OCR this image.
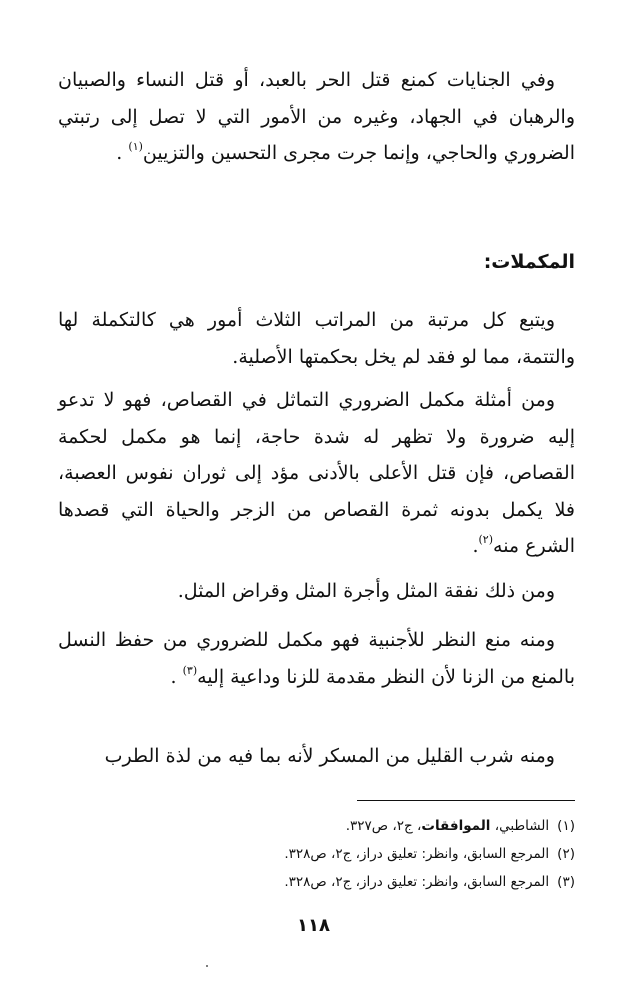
وفي الجنايات كمنع قتل الحر بالعبد، أو قتل النساء والصبيان والرهبان في الجهاد، وغيره من الأمور التي لا تصل إلى رتبتي الضروري والحاجي، وإنما جرت مجرى التحسين والتزيين$^{(١)}$ .

المكملات:

ويتبع كل مرتبة من المراتب الثلاث أمور هي كالتكملة لها والتتمة، مما لو فقد لم يخل بحكمتها الأصلية.

ومن أمثلة مكمل الضروري التماثل في القصاص، فهو لا تدعو إليه ضرورة ولا تظهر له شدة حاجة، إنما هو مكمل لحكمة القصاص، فإن قتل الأعلى بالأدنى مؤد إلى ثوران نفوس العصبة، فلا يكمل بدونه ثمرة القصاص من الزجر والحياة التي قصدها الشرع منه$^{(٢)}$.

ومن ذلك نفقة المثل وأجرة المثل وقراض المثل.

ومنه منع النظر للأجنبية فهو مكمل للضروري من حفظ النسل بالمنع من الزنا لأن النظر مقدمة للزنا وداعية إليه$^{(٣)}$ .

ومنه شرب القليل من المسكر لأنه بما فيه من لذة الطرب

(١)الشاطبي، الموافقات، ج٢، ص٣٢٧.
(٢)المرجع السابق، وانظر: تعليق دراز، ج٢، ص٣٢٨.
(٣)المرجع السابق، وانظر: تعليق دراز، ج٢، ص٣٢٨.
١١٨
